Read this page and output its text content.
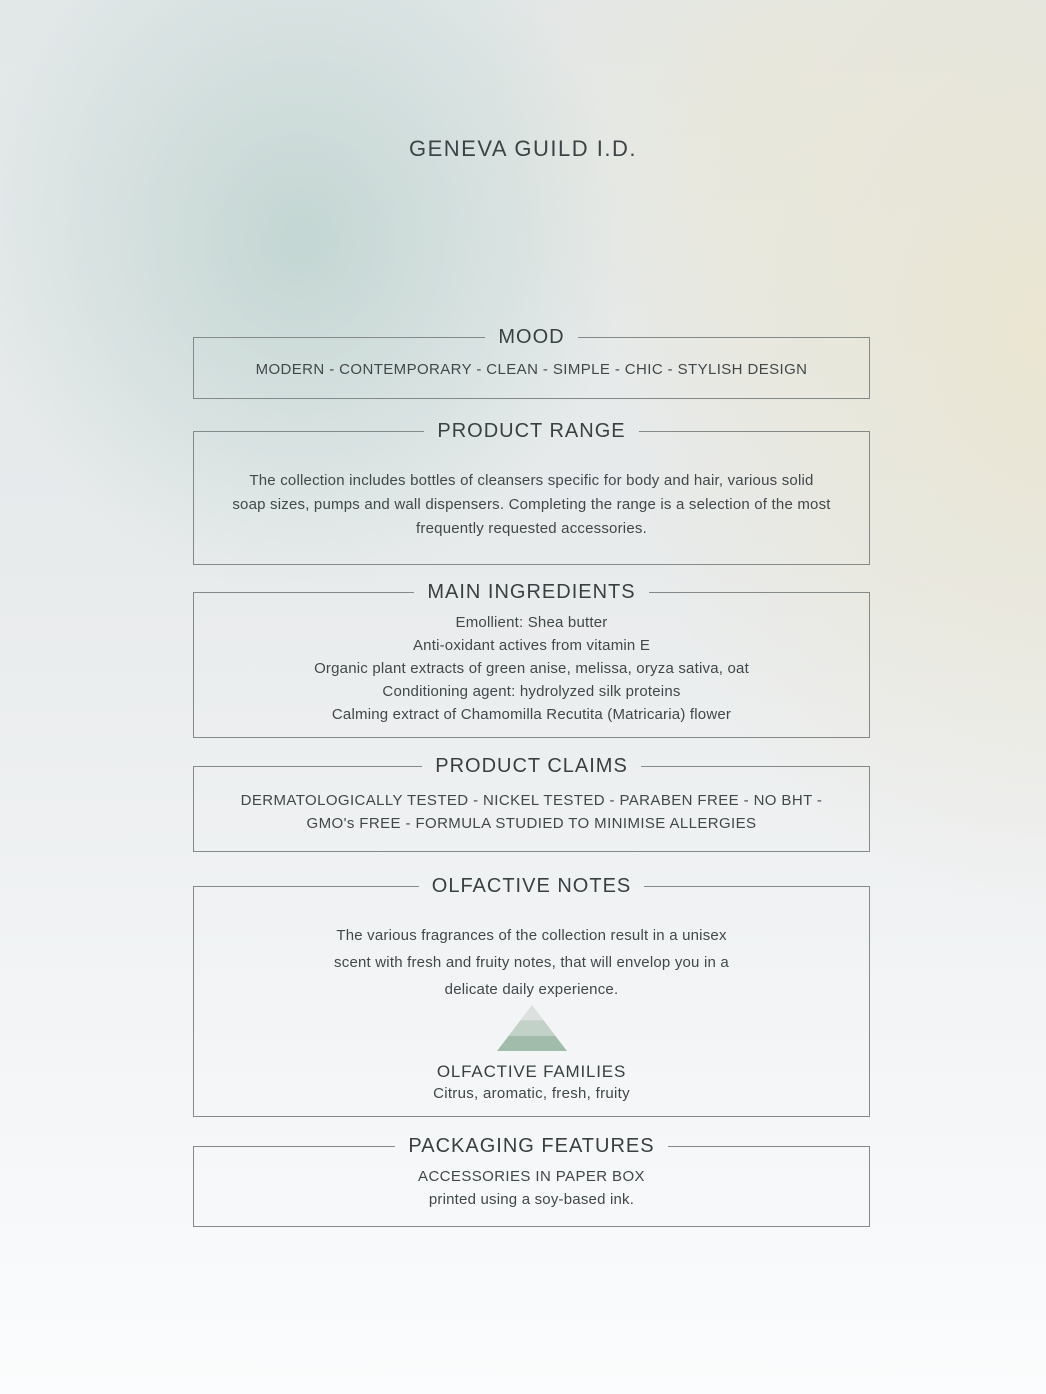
GENEVA GUILD I.D.
MOOD
MODERN - CONTEMPORARY - CLEAN - SIMPLE - CHIC - STYLISH DESIGN
PRODUCT RANGE
The collection includes bottles of cleansers specific for body and hair, various solid
soap sizes, pumps and wall dispensers. Completing the range is a selection of the most
frequently requested accessories.
MAIN INGREDIENTS
Emollient: Shea butter
Anti-oxidant actives from vitamin E
Organic plant extracts of green anise, melissa, oryza sativa, oat
Conditioning agent: hydrolyzed silk proteins
Calming extract of Chamomilla Recutita (Matricaria) flower
PRODUCT CLAIMS
DERMATOLOGICALLY TESTED - NICKEL TESTED - PARABEN FREE - NO BHT -
GMO's FREE - FORMULA STUDIED TO MINIMISE ALLERGIES
OLFACTIVE NOTES
The various fragrances of the collection result in a unisex
scent with fresh and fruity notes, that will envelop you in a
delicate daily experience.
OLFACTIVE FAMILIES
Citrus, aromatic, fresh, fruity
PACKAGING FEATURES
ACCESSORIES IN PAPER BOX
printed using a soy-based ink.
